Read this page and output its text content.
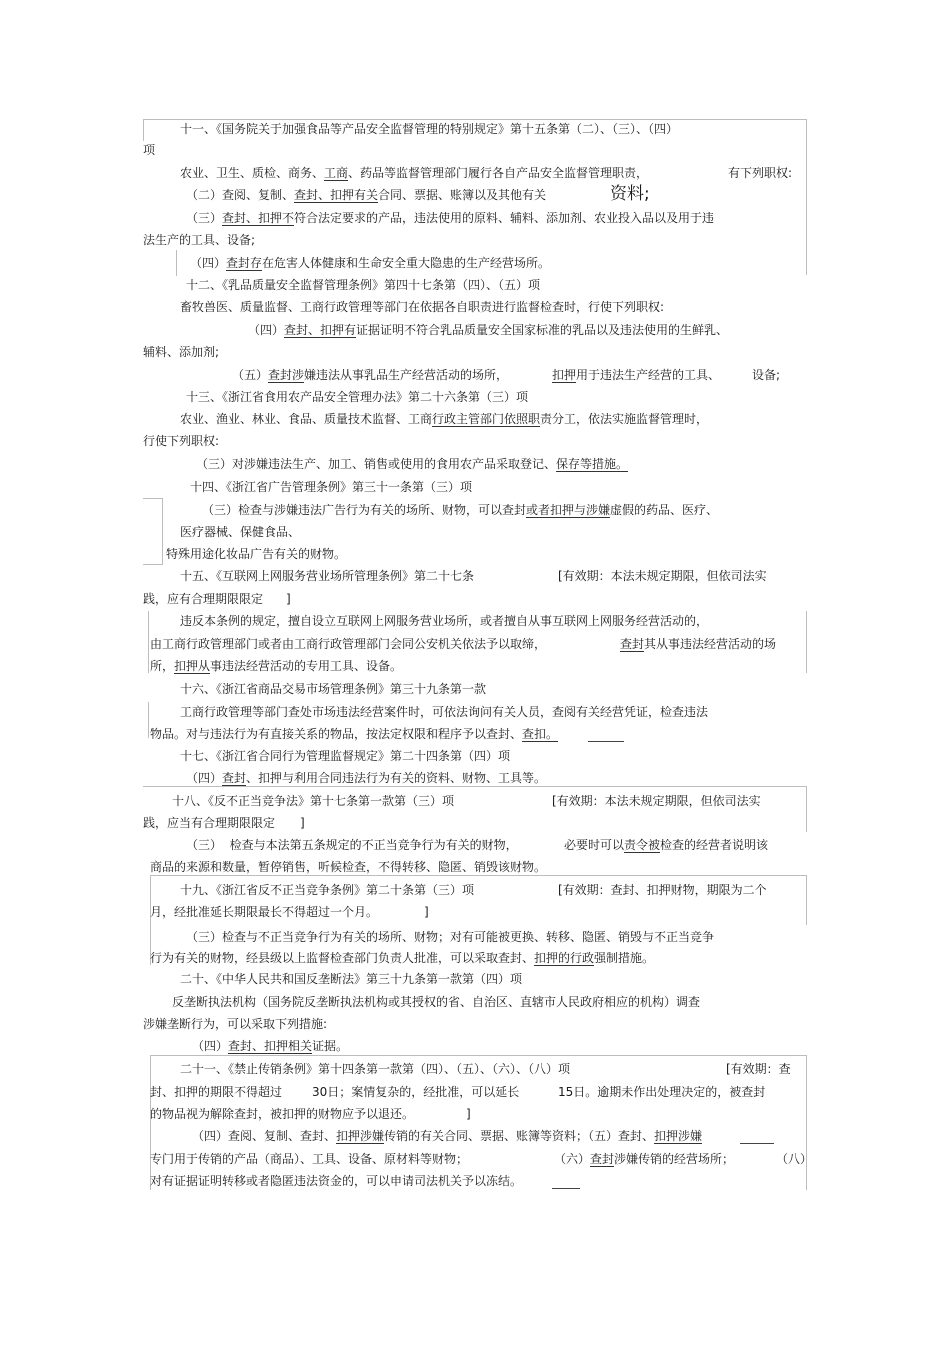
十一、《国务院关于加强食品等产品安全监督管理的特别规定》第十五条第（二）、（三）、（四）
项
农业、卫生、质检、商务、工商、药品等监督管理部门履行各自产品安全监督管理职责，	有下列职权:
（二）查阅、复制、查封、扣押有关合同、票据、账簿以及其他有关	资料;
（三）查封、扣押不符合法定要求的产品，违法使用的原料、辅料、添加剂、农业投入品以及用于违
法生产的工具、设备;
（四）查封存在危害人体健康和生命安全重大隐患的生产经营场所。
十二、《乳品质量安全监督管理条例》第四十七条第（四）、（五）项
畜牧兽医、质量监督、工商行政管理等部门在依据各自职责进行监督检查时，行使下列职权:
（四）查封、扣押有证据证明不符合乳品质量安全国家标准的乳品以及违法使用的生鲜乳、
辅料、添加剂;
（五）查封涉嫌违法从事乳品生产经营活动的场所，	扣押用于违法生产经营的工具、	设备;
十三、《浙江省食用农产品安全管理办法》第二十六条第（三）项
农业、渔业、林业、食品、质量技术监督、工商行政主管部门依照职责分工，依法实施监督管理时，
行使下列职权:
（三）对涉嫌违法生产、加工、销售或使用的食用农产品采取登记、保存等措施。
十四、《浙江省广告管理条例》第三十一条第（三）项
（三）检查与涉嫌违法广告行为有关的场所、财物，可以查封或者扣押与涉嫌虚假的药品、医疗、
医疗器械、保健食品、
特殊用途化妆品广告有关的财物。
十五、《互联网上网服务营业场所管理条例》第二十七条	[有效期：本法未规定期限，但依司法实
践，应有合理期限限定 ]
违反本条例的规定，擅自设立互联网上网服务营业场所，或者擅自从事互联网上网服务经营活动的，
由工商行政管理部门或者由工商行政管理部门会同公安机关依法予以取缔，	查封其从事违法经营活动的场
所，扣押从事违法经营活动的专用工具、设备。
十六、《浙江省商品交易市场管理条例》第三十九条第一款
工商行政管理等部门查处市场违法经营案件时，可依法询问有关人员，查阅有关经营凭证，检查违法
物品。对与违法行为有直接关系的物品，按法定权限和程序予以查封、查扣。
十七、《浙江省合同行为管理监督规定》第二十四条第（四）项
（四）查封、扣押与利用合同违法行为有关的资料、财物、工具等。
十八、《反不正当竞争法》第十七条第一款第（三）项	[有效期：本法未规定期限，但依司法实
践，应当有合理期限限定 ]
（三）  检查与本法第五条规定的不正当竞争行为有关的财物，	必要时可以责令被检查的经营者说明该
商品的来源和数量，暂停销售，听候检查，不得转移、隐匿、销毁该财物。
十九、《浙江省反不正当竞争条例》第二十条第（三）项	[有效期：查封、扣押财物，期限为二个
月，经批准延长期限最长不得超过一个月。	]
（三）检查与不正当竞争行为有关的场所、财物；对有可能被更换、转移、隐匿、销毁与不正当竞争
行为有关的财物，经县级以上监督检查部门负责人批准，可以采取查封、扣押的行政强制措施。
二十、《中华人民共和国反垄断法》第三十九条第一款第（四）项
反垄断执法机构（国务院反垄断执法机构或其授权的省、自治区、直辖市人民政府相应的机构）调查
涉嫌垄断行为，可以采取下列措施:
（四）查封、扣押相关证据。
二十一、《禁止传销条例》第十四条第一款第（四）、（五）、（六）、（八）项	[有效期：查
封、扣押的期限不得超过 30日；案情复杂的，经批准，可以延长	15日。逾期未作出处理决定的，被查封
的物品视为解除查封，被扣押的财物应予以退还。	]
（四）查阅、复制、查封、扣押涉嫌传销的有关合同、票据、账簿等资料；（五）查封、扣押涉嫌
专门用于传销的产品（商品）、工具、设备、原材料等财物；	（六）查封涉嫌传销的经营场所；	（八）
对有证据证明转移或者隐匿违法资金的，可以申请司法机关予以冻结。
